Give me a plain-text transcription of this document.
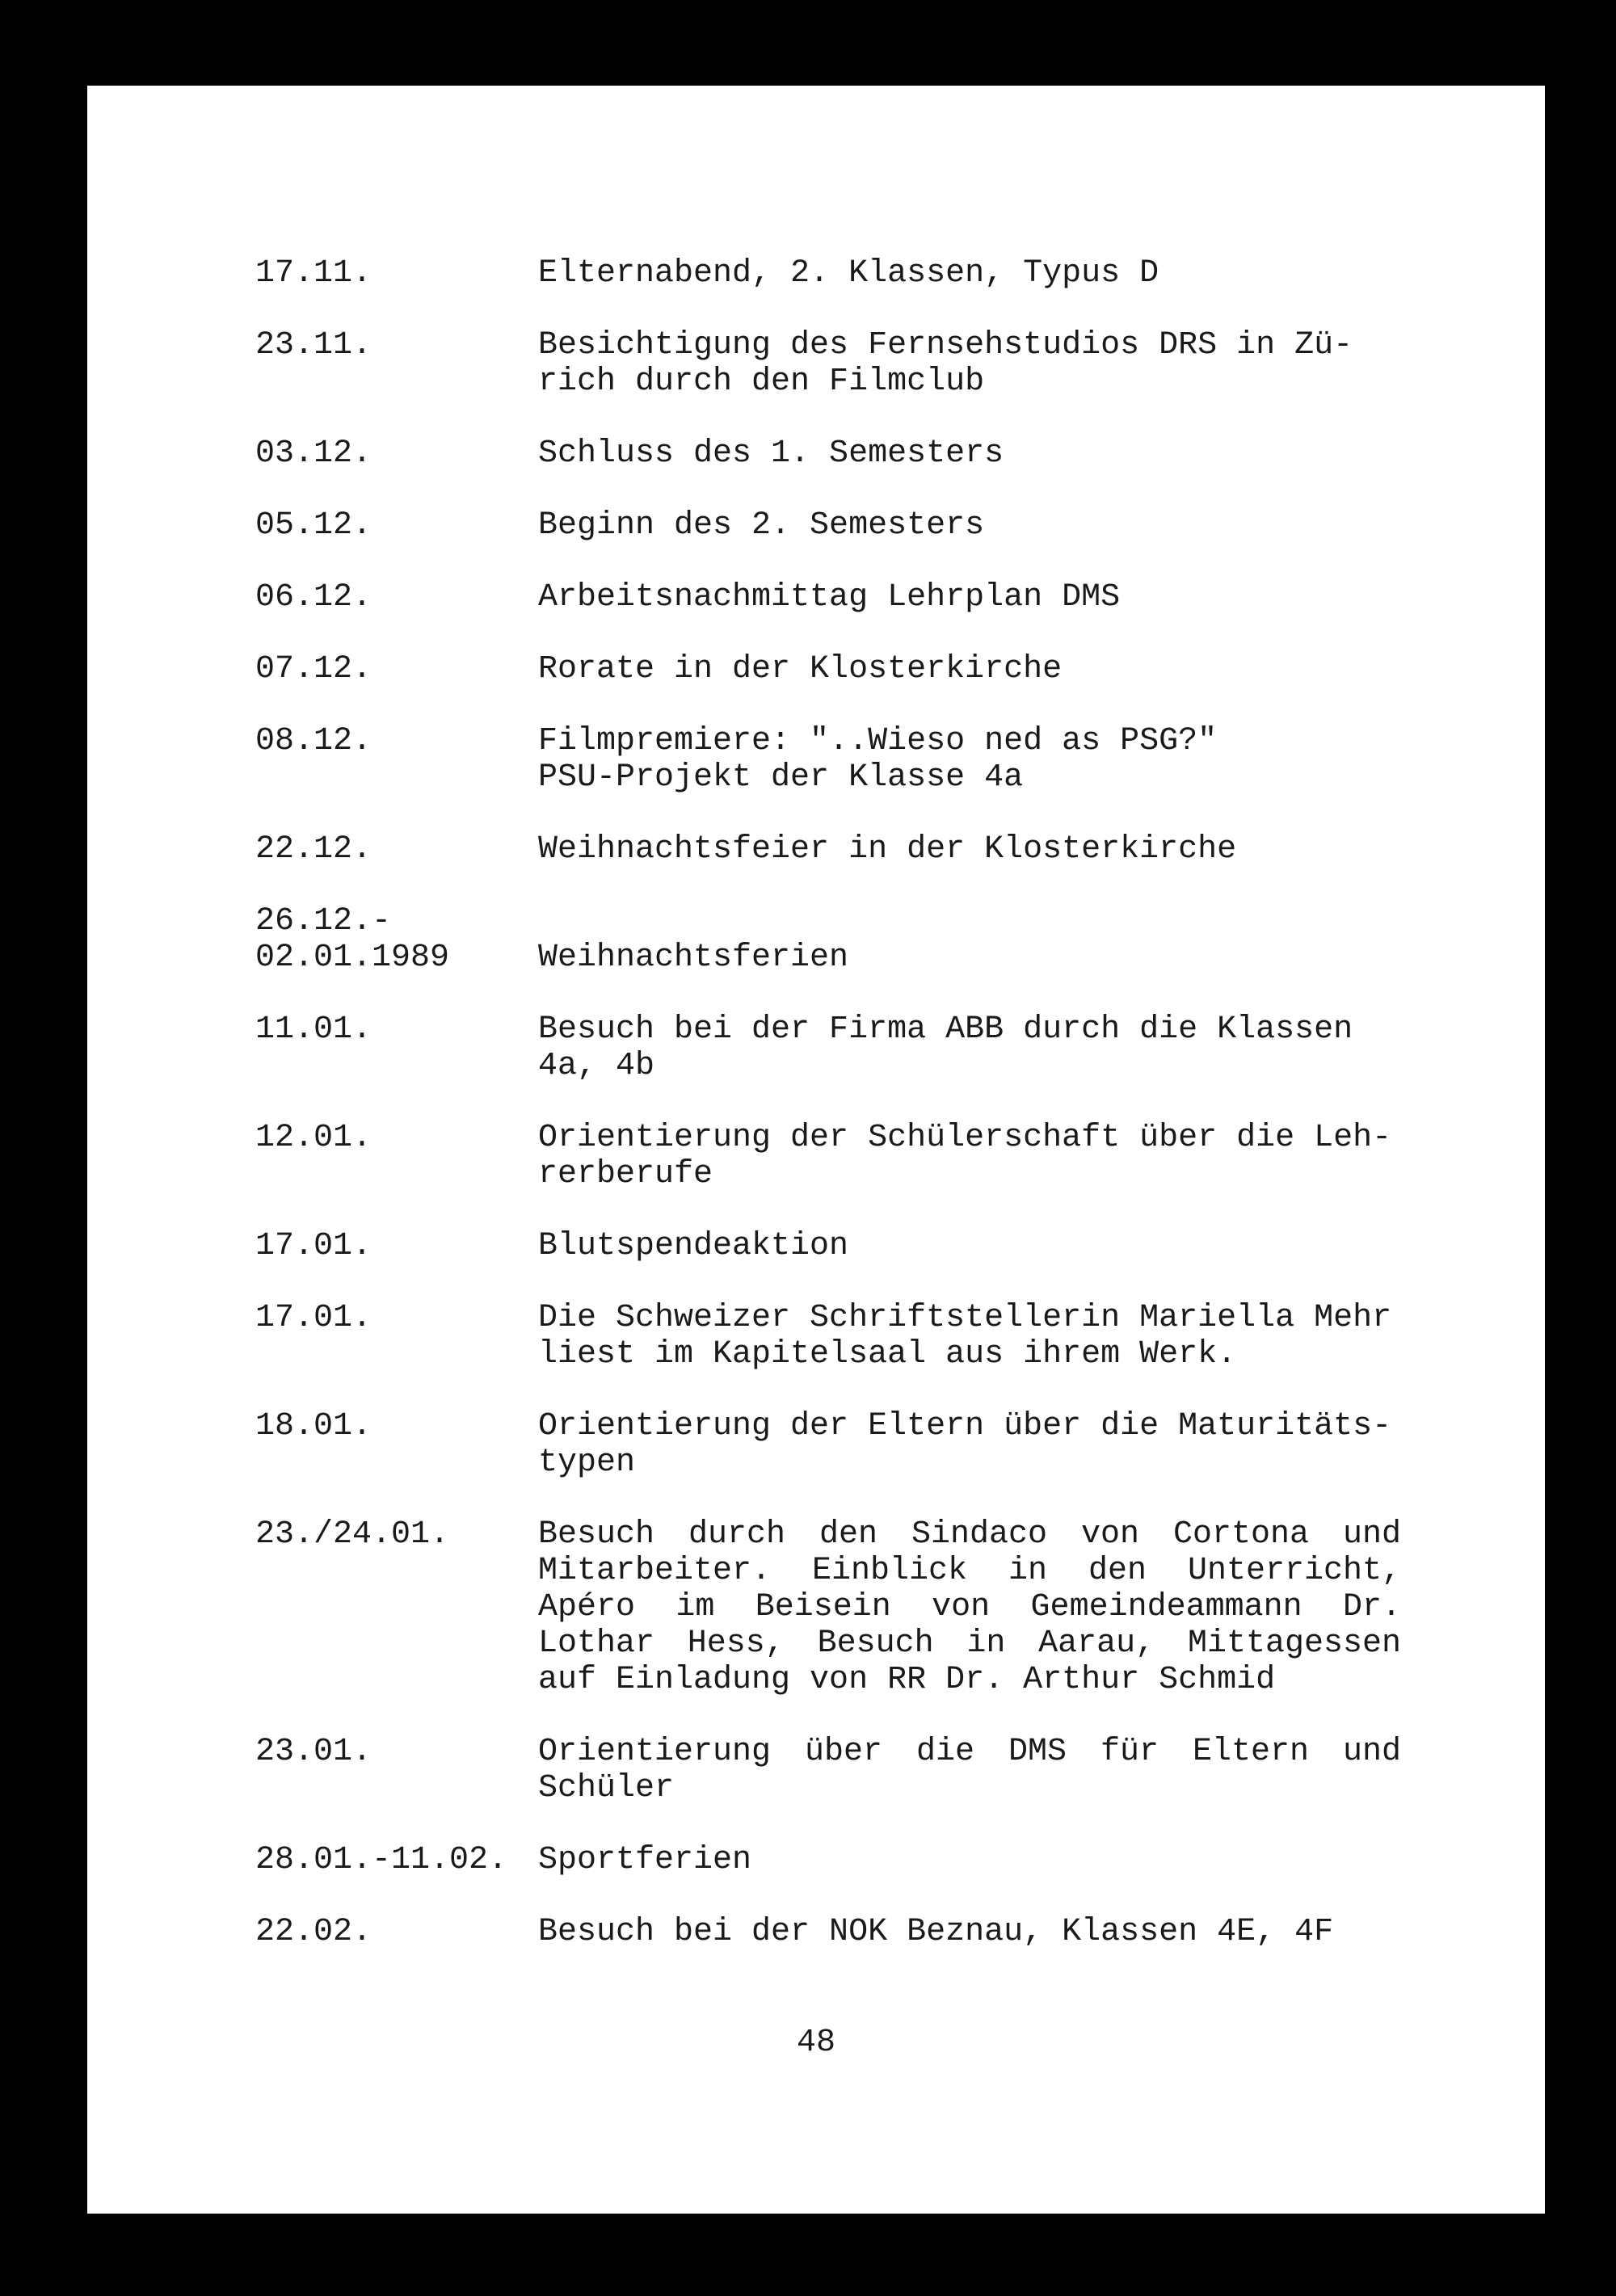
17.11.	Elternabend, 2. Klassen, Typus D
23.11.	Besichtigung des Fernsehstudios DRS in Zü-
rich durch den Filmclub
03.12.	Schluss des 1. Semesters
05.12.	Beginn des 2. Semesters
06.12.	Arbeitsnachmittag Lehrplan DMS
07.12.	Rorate in der Klosterkirche
08.12.	Filmpremiere: "..Wieso ned as PSG?"
PSU-Projekt der Klasse 4a
22.12.	Weihnachtsfeier in der Klosterkirche
26.12.-
02.01.1989	Weihnachtsferien
11.01.	Besuch bei der Firma ABB durch die Klassen
4a, 4b
12.01.	Orientierung der Schülerschaft über die Leh-
rerberufe
17.01.	Blutspendeaktion
17.01.	Die Schweizer Schriftstellerin Mariella Mehr
liest im Kapitelsaal aus ihrem Werk.
18.01.	Orientierung der Eltern über die Maturitäts-
typen
23./24.01.	Besuch durch den Sindaco von Cortona und Mitarbeiter. Einblick in den Unterricht, Apéro im Beisein von Gemeindeammann Dr. Lothar Hess, Besuch in Aarau, Mittagessen auf Einladung von RR Dr. Arthur Schmid
23.01.	Orientierung über die DMS für Eltern und Schüler
28.01.-11.02. Sportferien
22.02.	Besuch bei der NOK Beznau, Klassen 4E, 4F
48
